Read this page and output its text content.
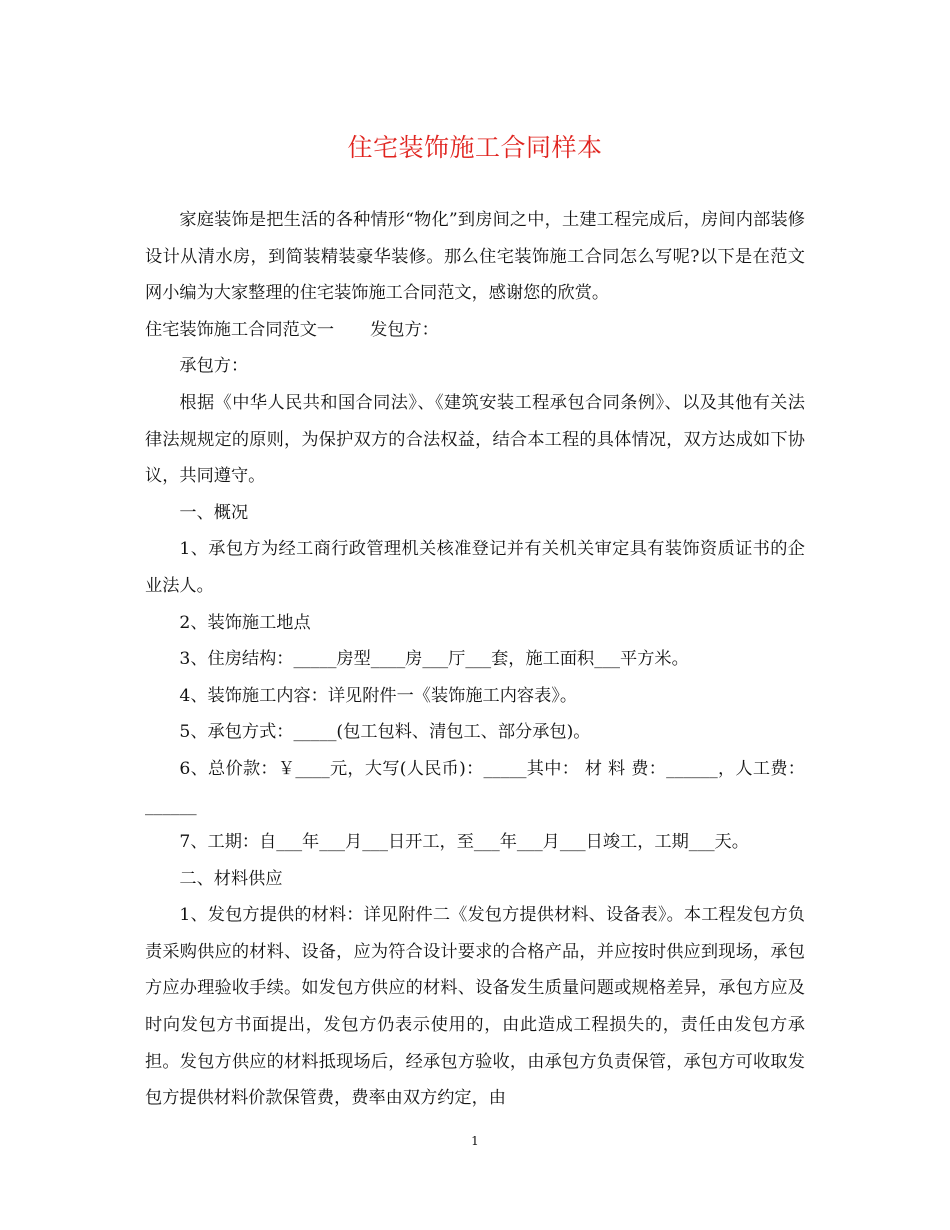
住宅装饰施工合同样本

家庭装饰是把生活的各种情形“物化”到房间之中，土建工程完成后，房间内部装修设计从清水房，到简装精装豪华装修。那么住宅装饰施工合同怎么写呢?以下是在范文网小编为大家整理的住宅装饰施工合同范文，感谢您的欣赏。

住宅装饰施工合同范文一 发包方：

承包方：

根据《中华人民共和国合同法》、《建筑安装工程承包合同条例》、以及其他有关法律法规规定的原则，为保护双方的合法权益，结合本工程的具体情况，双方达成如下协议，共同遵守。

一、概况

1、承包方为经工商行政管理机关核准登记并有关机关审定具有装饰资质证书的企业法人。

2、装饰施工地点

3、住房结构：_____房型____房___厅___套，施工面积___平方米。

4、装饰施工内容：详见附件一《装饰施工内容表》。

5、承包方式：_____(包工包料、清包工、部分承包)。

6、总价款：￥____元，大写(人民币)：_____其中： 材 料 费：______，人工费：______

7、工期：自___年___月___日开工，至___年___月___日竣工，工期___天。

二、材料供应

1、发包方提供的材料：详见附件二《发包方提供材料、设备表》。本工程发包方负责采购供应的材料、设备，应为符合设计要求的合格产品，并应按时供应到现场，承包方应办理验收手续。如发包方供应的材料、设备发生质量问题或规格差异，承包方应及时向发包方书面提出，发包方仍表示使用的，由此造成工程损失的，责任由发包方承担。发包方供应的材料抵现场后，经承包方验收，由承包方负责保管，承包方可收取发包方提供材料价款保管费，费率由双方约定，由

1
